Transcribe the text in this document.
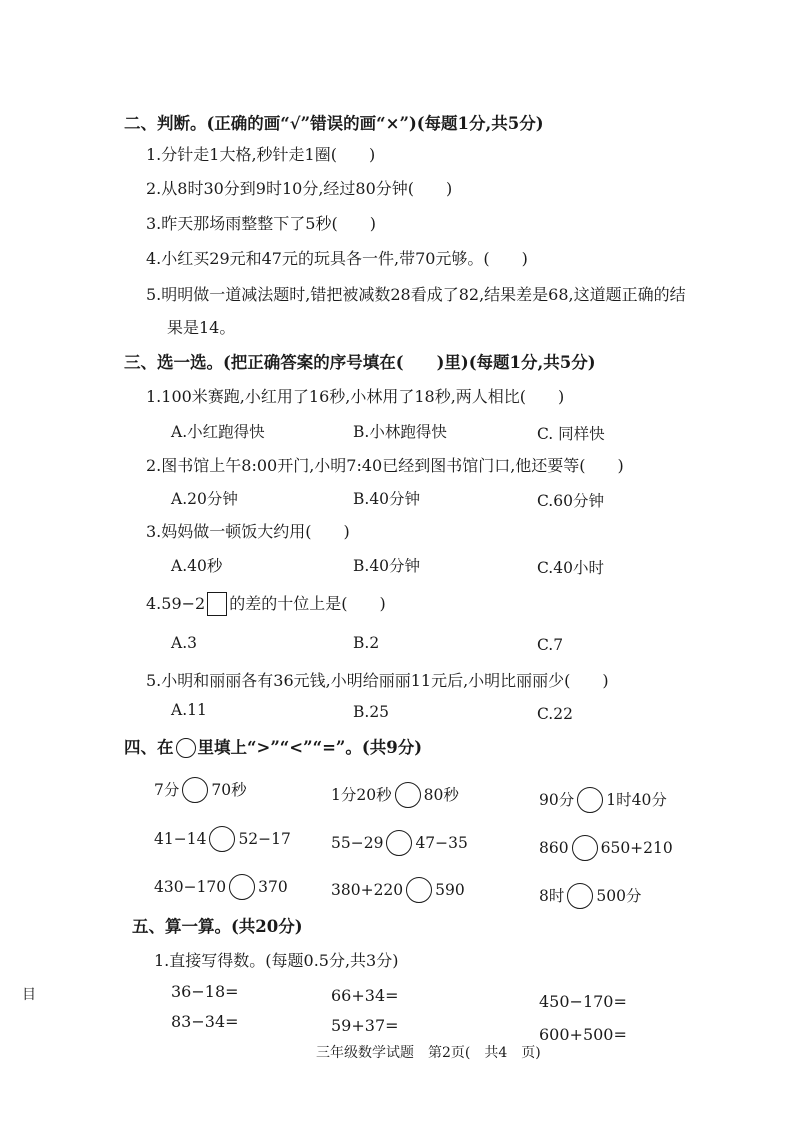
二、判断。(正确的画“√”错误的画“×”)(每题1分,共5分)
1.分针走1大格,秒针走1圈(　　)
2.从8时30分到9时10分,经过80分钟(　　)
3.昨天那场雨整整下了5秒(　　)
4.小红买29元和47元的玩具各一件,带70元够。(　　)
5.明明做一道减法题时,错把被减数28看成了82,结果差是68,这道题正确的结
果是14。
三、选一选。(把正确答案的序号填在(　　)里)(每题1分,共5分)
1.100米赛跑,小红用了16秒,小林用了18秒,两人相比(　　)
A.小红跑得快	B.小林跑得快	C. 同样快
2.图书馆上午8:00开门,小明7:40已经到图书馆门口,他还要等(　　)
A.20分钟	B.40分钟	C.60分钟
3.妈妈做一顿饭大约用(　　)
A.40秒	B.40分钟	C.40小时
4.59−2 的差的十位上是(　　)
A.3	B.2	C.7
5.小明和丽丽各有36元钱,小明给丽丽11元后,小明比丽丽少(　　)
A.11	B.25	C.22
四、在 里填上“>”“<”“=”。(共9分)
7分 70秒	1分20秒 80秒	90分 1时40分
41−14 52−17	55−29 47−35	860 650+210
430−170 370	380+220 590	8时 500分
五、算一算。(共20分)
1.直接写得数。(每题0.5分,共3分)
36−18=	66+34=	450−170=
83−34=	59+37=	600+500=
三年级数学试题　第2页(　共4　页)
目
